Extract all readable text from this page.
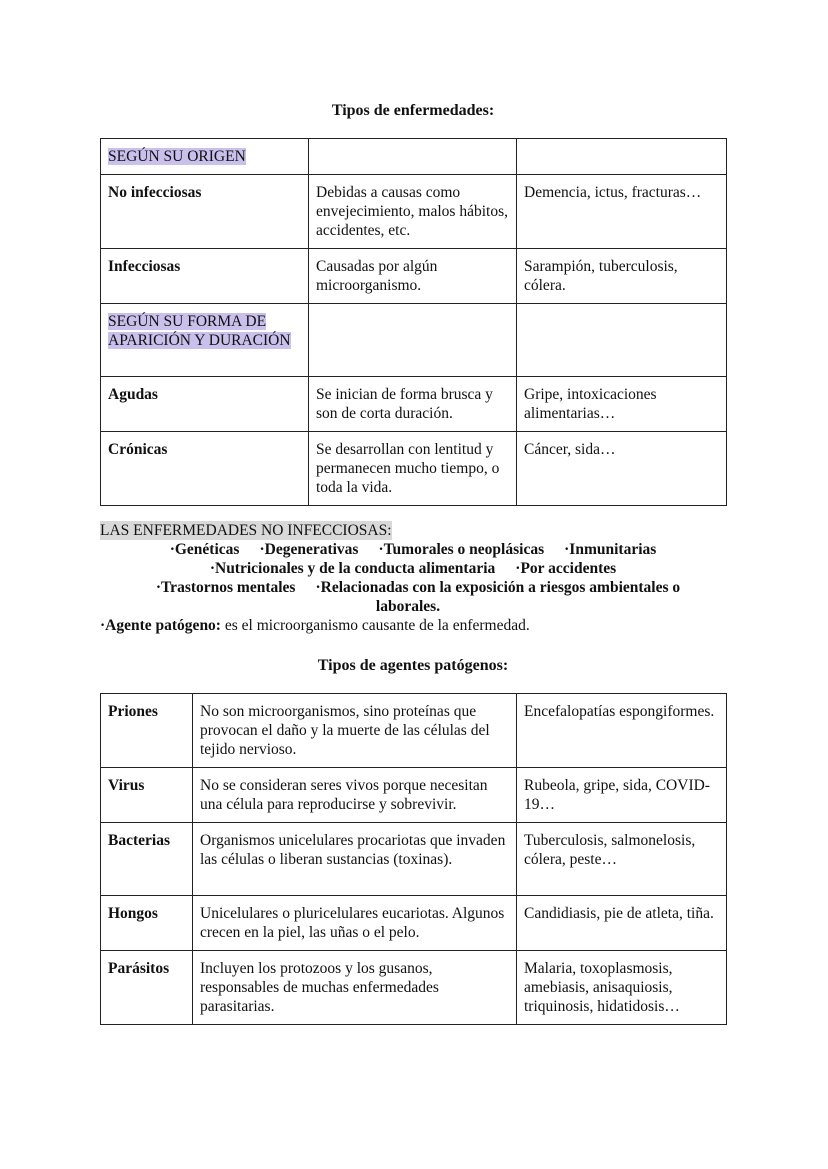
Tipos de enfermedades:
SEGÚN SU ORIGEN		
No infecciosas	Debidas a causas como envejecimiento, malos hábitos, accidentes, etc.	Demencia, ictus, fracturas…
Infecciosas	Causadas por algún microorganismo.	Sarampión, tuberculosis, cólera.
SEGÚN SU FORMA DE APARICIÓN Y DURACIÓN		
Agudas	Se inician de forma brusca y son de corta duración.	Gripe, intoxicaciones alimentarias…
Crónicas	Se desarrollan con lentitud y permanecen mucho tiempo, o toda la vida.	Cáncer, sida…
LAS ENFERMEDADES NO INFECCIOSAS:
·Genéticas ·Degenerativas ·Tumorales o neoplásicas ·Inmunitarias
·Nutricionales y de la conducta alimentaria ·Por accidentes
·Trastornos mentales ·Relacionadas con la exposición a riesgos ambientales o laborales.
·Agente patógeno: es el microorganismo causante de la enfermedad.
Tipos de agentes patógenos:
Priones	No son microorganismos, sino proteínas que provocan el daño y la muerte de las células del tejido nervioso.	Encefalopatías espongiformes.
Virus	No se consideran seres vivos porque necesitan una célula para reproducirse y sobrevivir.	Rubeola, gripe, sida, COVID-19…
Bacterias	Organismos unicelulares procariotas que invaden las células o liberan sustancias (toxinas).	Tuberculosis, salmonelosis, cólera, peste…
Hongos	Unicelulares o pluricelulares eucariotas. Algunos crecen en la piel, las uñas o el pelo.	Candidiasis, pie de atleta, tiña.
Parásitos	Incluyen los protozoos y los gusanos, responsables de muchas enfermedades parasitarias.	Malaria, toxoplasmosis, amebiasis, anisaquiosis, triquinosis, hidatidosis…
